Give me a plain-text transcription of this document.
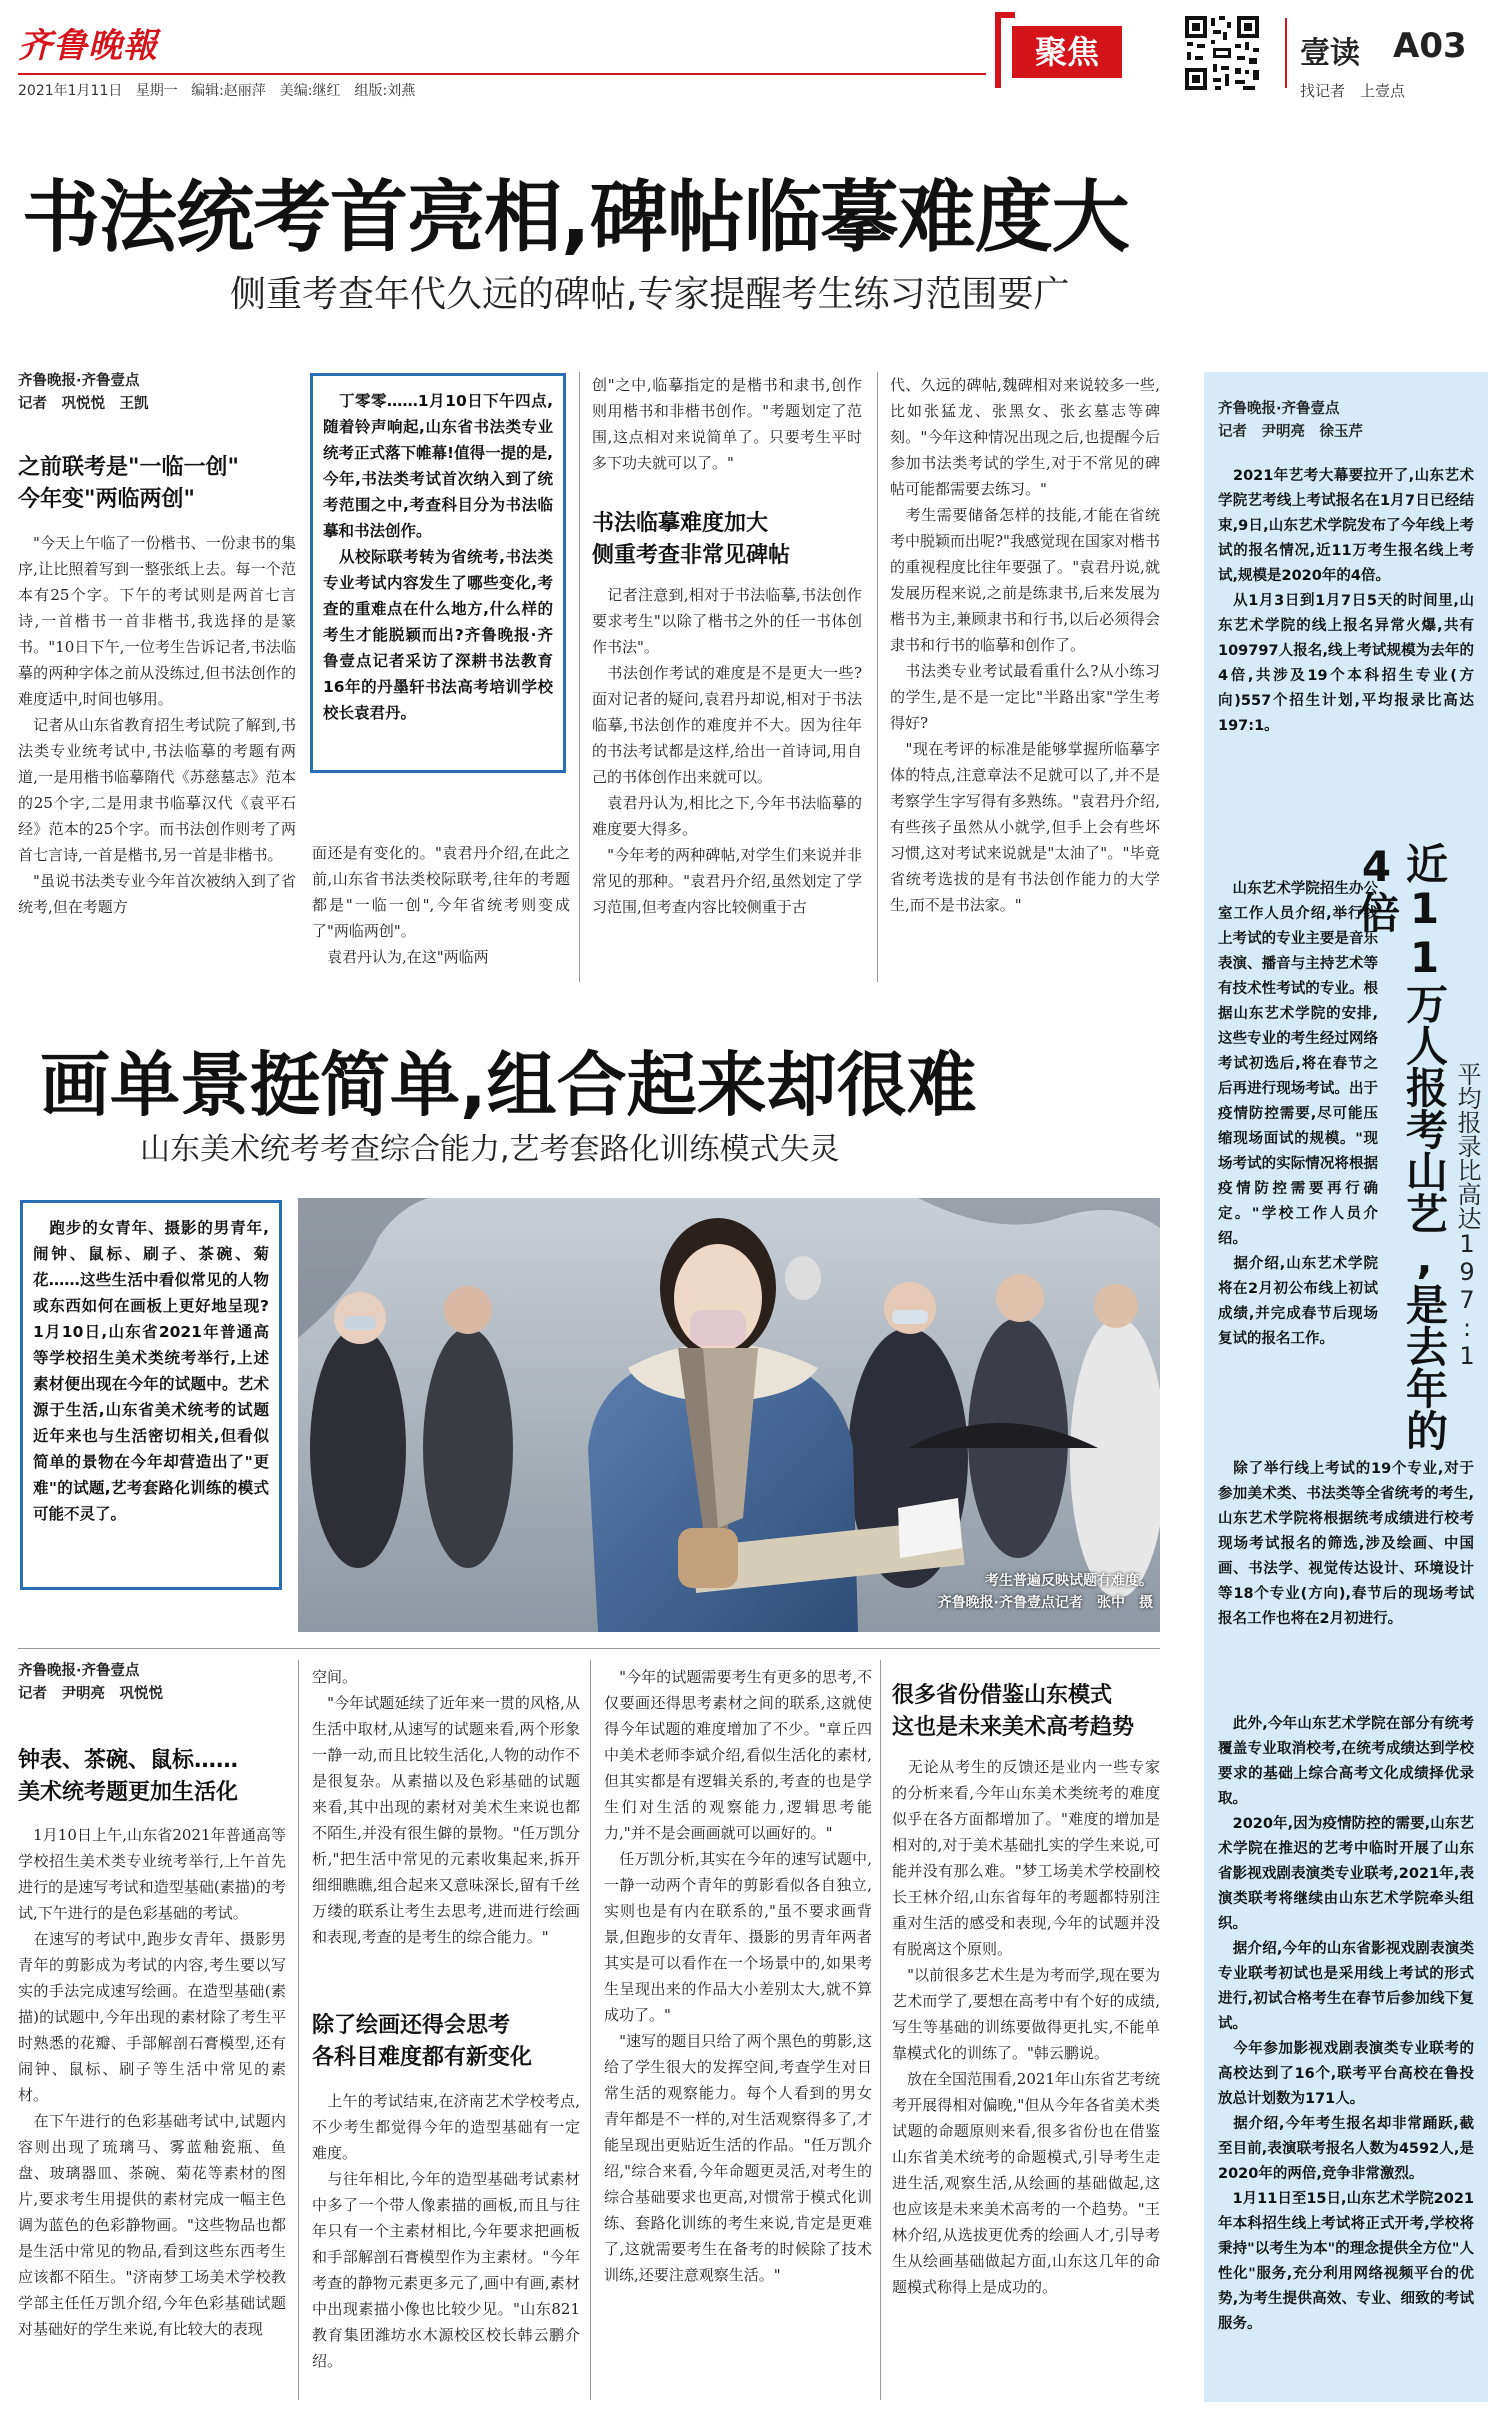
齐鲁晚報
2021年1月11日 星期一 编辑:赵丽萍　美编:继红　组版:刘燕
聚焦	壹读 A03
找记者　上壹点
书法统考首亮相,碑帖临摹难度大
侧重考查年代久远的碑帖,专家提醒考生练习范围要广
齐鲁晚报·齐鲁壹点
记者　巩悦悦　王凯
之前联考是"一临一创"
今年变"两临两创"

　"今天上午临了一份楷书、一份隶书的集序,让比照着写到一整张纸上去。每一个范本有25个字。下午的考试则是两首七言诗,一首楷书一首非楷书,我选择的是篆书。"10日下午,一位考生告诉记者,书法临摹的两种字体之前从没练过,但书法创作的难度适中,时间也够用。
　记者从山东省教育招生考试院了解到,书法类专业统考试中,书法临摹的考题有两道,一是用楷书临摹隋代《苏慈墓志》范本的25个字,二是用隶书临摹汉代《袁平石经》范本的25个字。而书法创作则考了两首七言诗,一首是楷书,另一首是非楷书。
　"虽说书法类专业今年首次被纳入到了省统考,但在考题方

　丁零零……1月10日下午四点,随着铃声响起,山东省书法类专业统考正式落下帷幕!值得一提的是,今年,书法类考试首次纳入到了统考范围之中,考查科目分为书法临摹和书法创作。
　从校际联考转为省统考,书法类专业考试内容发生了哪些变化,考查的重难点在什么地方,什么样的考生才能脱颖而出?齐鲁晚报·齐鲁壹点记者采访了深耕书法教育16年的丹墨轩书法高考培训学校校长袁君丹。

面还是有变化的。"袁君丹介绍,在此之前,山东省书法类校际联考,往年的考题都是"一临一创",今年省统考则变成了"两临两创"。
　袁君丹认为,在这"两临两

创"之中,临摹指定的是楷书和隶书,创作则用楷书和非楷书创作。"考题划定了范围,这点相对来说简单了。只要考生平时多下功夫就可以了。"

书法临摹难度加大
侧重考查非常见碑帖

　记者注意到,相对于书法临摹,书法创作要求考生"以除了楷书之外的任一书体创作书法"。
　书法创作考试的难度是不是更大一些?面对记者的疑问,袁君丹却说,相对于书法临摹,书法创作的难度并不大。因为往年的书法考试都是这样,给出一首诗词,用自己的书体创作出来就可以。
　袁君丹认为,相比之下,今年书法临摹的难度要大得多。
　"今年考的两种碑帖,对学生们来说并非常见的那种。"袁君丹介绍,虽然划定了学习范围,但考查内容比较侧重于古

代、久远的碑帖,魏碑相对来说较多一些,比如张猛龙、张黑女、张玄墓志等碑刻。"今年这种情况出现之后,也提醒今后参加书法类考试的学生,对于不常见的碑帖可能都需要去练习。"
　考生需要储备怎样的技能,才能在省统考中脱颖而出呢?"我感觉现在国家对楷书的重视程度比往年要强了。"袁君丹说,就发展历程来说,之前是练隶书,后来发展为楷书为主,兼顾隶书和行书,以后必须得会隶书和行书的临摹和创作了。
　书法类专业考试最看重什么?从小练习的学生,是不是一定比"半路出家"学生考得好?
　"现在考评的标准是能够掌握所临摹字体的特点,注意章法不足就可以了,并不是考察学生字写得有多熟练。"袁君丹介绍,有些孩子虽然从小就学,但手上会有些坏习惯,这对考试来说就是"太油了"。"毕竟省统考选拔的是有书法创作能力的大学生,而不是书法家。"

画单景挺简单,组合起来却很难
山东美术统考考查综合能力,艺考套路化训练模式失灵

　跑步的女青年、摄影的男青年,闹钟、鼠标、刷子、茶碗、菊花……这些生活中看似常见的人物或东西如何在画板上更好地呈现?1月10日,山东省2021年普通高等学校招生美术类统考举行,上述素材便出现在今年的试题中。艺术源于生活,山东省美术统考的试题近年来也与生活密切相关,但看似简单的景物在今年却营造出了"更难"的试题,艺考套路化训练的模式可能不灵了。

考生普遍反映试题有难度。
齐鲁晚报·齐鲁壹点记者　张中　摄
齐鲁晚报·齐鲁壹点
记者　尹明亮　巩悦悦
钟表、茶碗、鼠标……
美术统考题更加生活化

　1月10日上午,山东省2021年普通高等学校招生美术类专业统考举行,上午首先进行的是速写考试和造型基础(素描)的考试,下午进行的是色彩基础的考试。
　在速写的考试中,跑步女青年、摄影男青年的剪影成为考试的内容,考生要以写实的手法完成速写绘画。在造型基础(素描)的试题中,今年出现的素材除了考生平时熟悉的花瓣、手部解剖石膏模型,还有闹钟、鼠标、刷子等生活中常见的素材。
　在下午进行的色彩基础考试中,试题内容则出现了琉璃马、雾蓝釉瓷瓶、鱼盘、玻璃器皿、茶碗、菊花等素材的图片,要求考生用提供的素材完成一幅主色调为蓝色的色彩静物画。"这些物品也都是生活中常见的物品,看到这些东西考生应该都不陌生。"济南梦工场美术学校教学部主任任万凯介绍,今年色彩基础试题对基础好的学生来说,有比较大的表现

空间。
　"今年试题延续了近年来一贯的风格,从生活中取材,从速写的试题来看,两个形象一静一动,而且比较生活化,人物的动作不是很复杂。从素描以及色彩基础的试题来看,其中出现的素材对美术生来说也都不陌生,并没有很生僻的景物。"任万凯分析,"把生活中常见的元素收集起来,拆开细细瞧瞧,组合起来又意味深长,留有千丝万缕的联系让考生去思考,进而进行绘画和表现,考查的是考生的综合能力。"

除了绘画还得会思考
各科目难度都有新变化

　上午的考试结束,在济南艺术学校考点,不少考生都觉得今年的造型基础有一定难度。
　与往年相比,今年的造型基础考试素材中多了一个带人像素描的画板,而且与往年只有一个主素材相比,今年要求把画板和手部解剖石膏模型作为主素材。"今年考查的静物元素更多元了,画中有画,素材中出现素描小像也比较少见。"山东821教育集团潍坊水木源校区校长韩云鹏介绍。

　"今年的试题需要考生有更多的思考,不仅要画还得思考素材之间的联系,这就使得今年试题的难度增加了不少。"章丘四中美术老师李斌介绍,看似生活化的素材,但其实都是有逻辑关系的,考查的也是学生们对生活的观察能力,逻辑思考能力,"并不是会画画就可以画好的。"
　任万凯分析,其实在今年的速写试题中,一静一动两个青年的剪影看似各自独立,实则也是有内在联系的,"虽不要求画背景,但跑步的女青年、摄影的男青年两者其实是可以看作在一个场景中的,如果考生呈现出来的作品大小差别太大,就不算成功了。"
　"速写的题目只给了两个黑色的剪影,这给了学生很大的发挥空间,考查学生对日常生活的观察能力。每个人看到的男女青年都是不一样的,对生活观察得多了,才能呈现出更贴近生活的作品。"任万凯介绍,"综合来看,今年命题更灵活,对考生的综合基础要求也更高,对惯常于模式化训练、套路化训练的考生来说,肯定是更难了,这就需要考生在备考的时候除了技术训练,还要注意观察生活。"

很多省份借鉴山东模式
这也是未来美术高考趋势

　无论从考生的反馈还是业内一些专家的分析来看,今年山东美术类统考的难度似乎在各方面都增加了。"难度的增加是相对的,对于美术基础扎实的学生来说,可能并没有那么难。"梦工场美术学校副校长王林介绍,山东省每年的考题都特别注重对生活的感受和表现,今年的试题并没有脱离这个原则。
　"以前很多艺术生是为考而学,现在要为艺术而学了,要想在高考中有个好的成绩,写生等基础的训练要做得更扎实,不能单靠模式化的训练了。"韩云鹏说。
　放在全国范围看,2021年山东省艺考统考开展得相对偏晚,"但从今年各省美术类试题的命题原则来看,很多省份也在借鉴山东省美术统考的命题模式,引导考生走进生活,观察生活,从绘画的基础做起,这也应该是未来美术高考的一个趋势。"王林介绍,从选拔更优秀的绘画人才,引导考生从绘画基础做起方面,山东这几年的命题模式称得上是成功的。

齐鲁晚报·齐鲁壹点
记者　尹明亮　徐玉芹

　2021年艺考大幕要拉开了,山东艺术学院艺考线上考试报名在1月7日已经结束,9日,山东艺术学院发布了今年线上考试的报名情况,近11万考生报名线上考试,规模是2020年的4倍。
　从1月3日到1月7日5天的时间里,山东艺术学院的线上报名异常火爆,共有109797人报名,线上考试规模为去年的4倍,共涉及19个本科招生专业(方向)557个招生计划,平均报录比高达197:1。

　山东艺术学院招生办公室工作人员介绍,举行线上考试的专业主要是音乐表演、播音与主持艺术等有技术性考试的专业。根据山东艺术学院的安排,这些专业的考生经过网络考试初选后,将在春节之后再进行现场考试。出于疫情防控需要,尽可能压缩现场面试的规模。"现场考试的实际情况将根据疫情防控需要再行确定。"学校工作人员介绍。
　据介绍,山东艺术学院将在2月初公布线上初试成绩,并完成春节后现场复试的报名工作。	近11万人报考山艺,是去年的4倍
平均报录比高达197:1

　除了举行线上考试的19个专业,对于参加美术类、书法类等全省统考的考生,山东艺术学院将根据统考成绩进行校考现场考试报名的筛选,涉及绘画、中国画、书法学、视觉传达设计、环境设计等18个专业(方向),春节后的现场考试报名工作也将在2月初进行。

　此外,今年山东艺术学院在部分有统考覆盖专业取消校考,在统考成绩达到学校要求的基础上综合高考文化成绩择优录取。
　2020年,因为疫情防控的需要,山东艺术学院在推迟的艺考中临时开展了山东省影视戏剧表演类专业联考,2021年,表演类联考将继续由山东艺术学院牵头组织。
　据介绍,今年的山东省影视戏剧表演类专业联考初试也是采用线上考试的形式进行,初试合格考生在春节后参加线下复试。
　今年参加影视戏剧表演类专业联考的高校达到了16个,联考平台高校在鲁投放总计划数为171人。
　据介绍,今年考生报名却非常踊跃,截至目前,表演联考报名人数为4592人,是2020年的两倍,竞争非常激烈。
　1月11日至15日,山东艺术学院2021年本科招生线上考试将正式开考,学校将秉持"以考生为本"的理念提供全方位"人性化"服务,充分利用网络视频平台的优势,为考生提供高效、专业、细致的考试服务。
